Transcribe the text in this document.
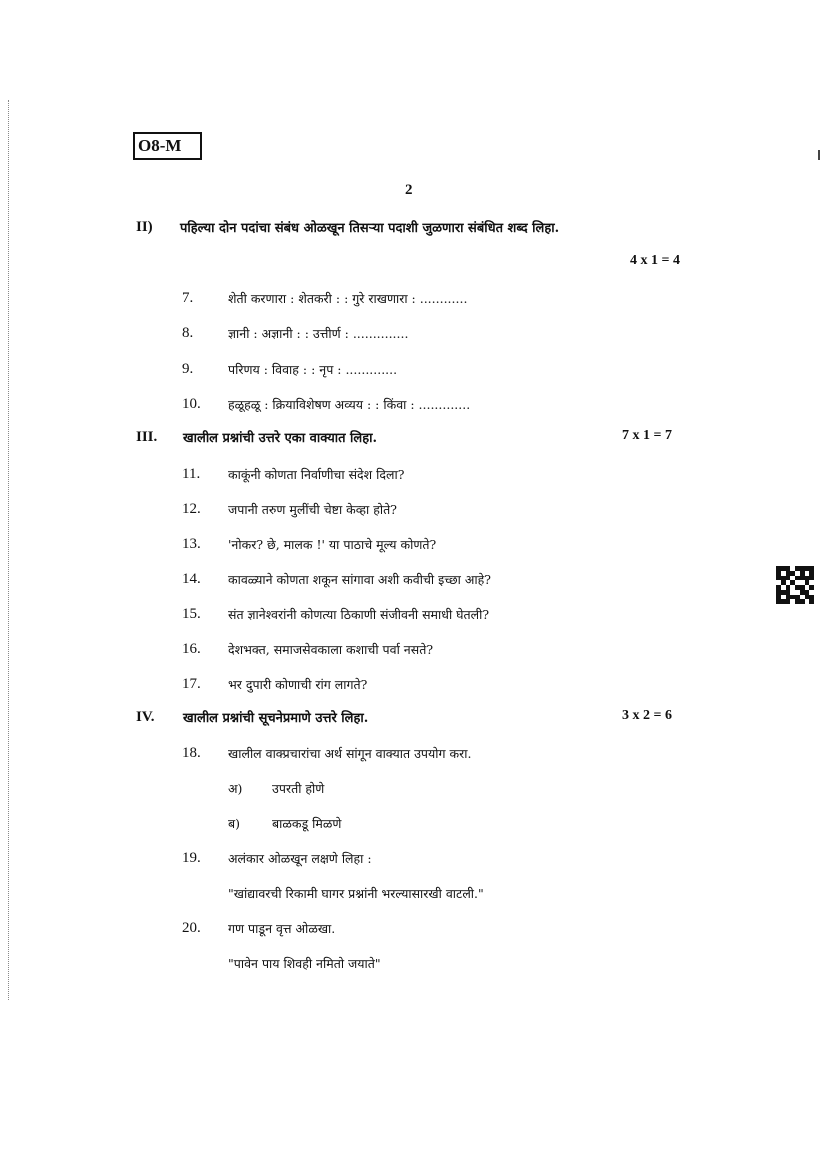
O8-M
2
II) पहिल्या दोन पदांचा संबंध ओळखून तिसऱ्या पदाशी जुळणारा संबंधित शब्द लिहा.
4 x 1 = 4
7.	शेती करणारा : शेतकरी : : गुरे राखणारा : ............
8.	ज्ञानी : अज्ञानी : : उत्तीर्ण : ..............
9.	परिणय : विवाह : : नृप : .............
10. हळूहळू : क्रियाविशेषण अव्यय : : किंवा : .............
III. खालील प्रश्नांची उत्तरे एका वाक्यात लिहा.	7 x 1 = 7
11. काकूंनी कोणता निर्वाणीचा संदेश दिला?
12. जपानी तरुण मुलींची चेष्टा केव्हा होते?
13. 'नोकर? छे, मालक !' या पाठाचे मूल्य कोणते?
14. कावळ्याने कोणता शकून सांगावा अशी कवीची इच्छा आहे?
15. संत ज्ञानेश्वरांनी कोणत्या ठिकाणी संजीवनी समाधी घेतली?
16. देशभक्त, समाजसेवकाला कशाची पर्वा नसते?
17. भर दुपारी कोणाची रांग लागते?
IV. खालील प्रश्नांची सूचनेप्रमाणे उत्तरे लिहा.	3 x 2 = 6
18. खालील वाक्प्रचारांचा अर्थ सांगून वाक्यात उपयोग करा.
अ) उपरती होणे
ब)	बाळकडू मिळणे
19. अलंकार ओळखून लक्षणे लिहा :
"खांद्यावरची रिकामी घागर प्रश्नांनी भरल्यासारखी वाटली."
20. गण पाडून वृत्त ओळखा.
"पावेन पाय शिवही नमितो जयाते"
